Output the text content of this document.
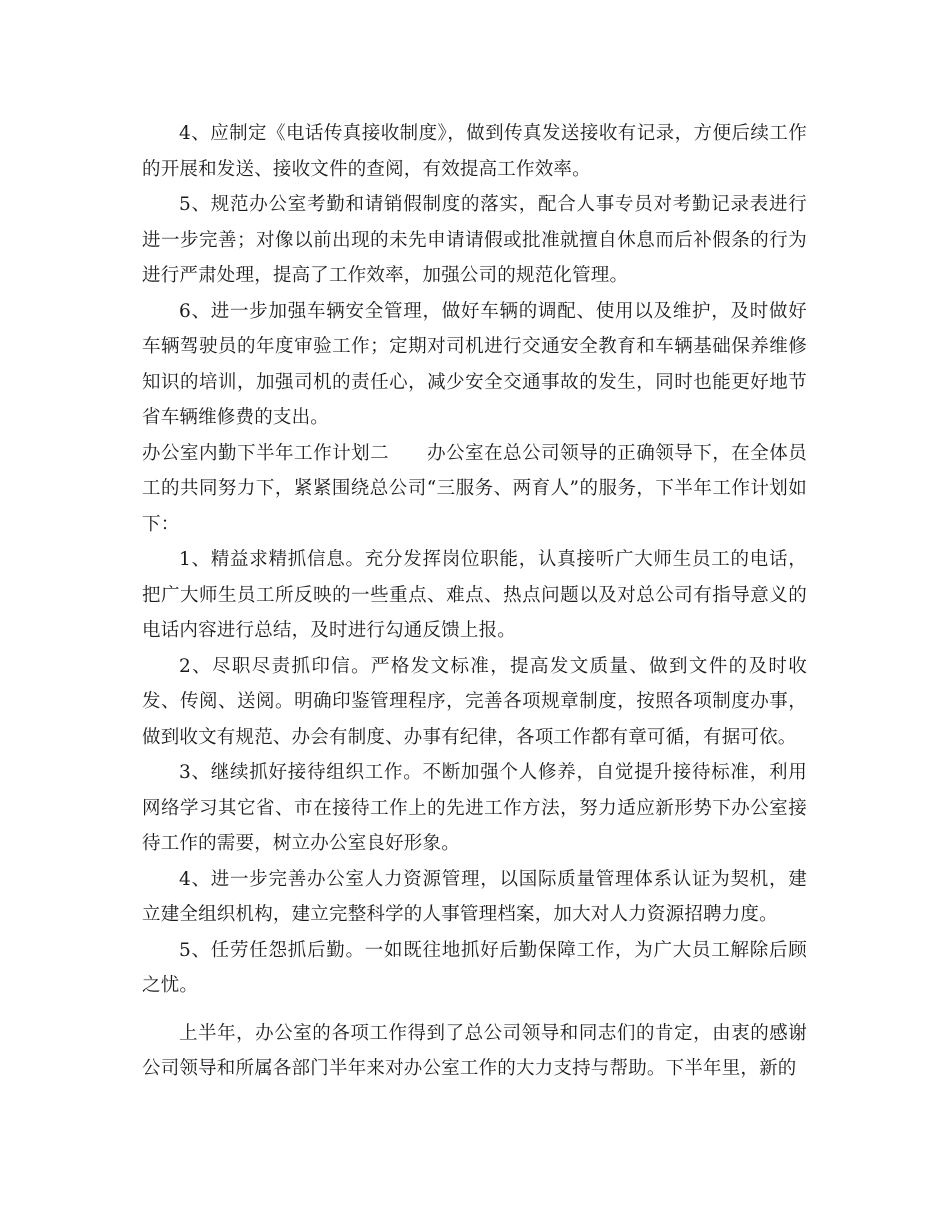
4、应制定《电话传真接收制度》，做到传真发送接收有记录，方便后续工作的开展和发送、接收文件的查阅，有效提高工作效率。

5、规范办公室考勤和请销假制度的落实，配合人事专员对考勤记录表进行进一步完善；对像以前出现的未先申请请假或批准就擅自休息而后补假条的行为进行严肃处理，提高了工作效率，加强公司的规范化管理。

6、进一步加强车辆安全管理，做好车辆的调配、使用以及维护，及时做好车辆驾驶员的年度审验工作；定期对司机进行交通安全教育和车辆基础保养维修知识的培训，加强司机的责任心，减少安全交通事故的发生，同时也能更好地节省车辆维修费的支出。

办公室内勤下半年工作计划二　　办公室在总公司领导的正确领导下，在全体员工的共同努力下，紧紧围绕总公司“三服务、两育人”的服务，下半年工作计划如下：

1、精益求精抓信息。充分发挥岗位职能，认真接听广大师生员工的电话，把广大师生员工所反映的一些重点、难点、热点问题以及对总公司有指导意义的电话内容进行总结，及时进行勾通反馈上报。

2、尽职尽责抓印信。严格发文标准，提高发文质量、做到文件的及时收发、传阅、送阅。明确印鉴管理程序，完善各项规章制度，按照各项制度办事，做到收文有规范、办会有制度、办事有纪律，各项工作都有章可循，有据可依。

3、继续抓好接待组织工作。不断加强个人修养，自觉提升接待标准，利用网络学习其它省、市在接待工作上的先进工作方法，努力适应新形势下办公室接待工作的需要，树立办公室良好形象。

4、进一步完善办公室人力资源管理，以国际质量管理体系认证为契机，建立建全组织机构，建立完整科学的人事管理档案，加大对人力资源招聘力度。

5、任劳任怨抓后勤。一如既往地抓好后勤保障工作，为广大员工解除后顾之忧。

上半年，办公室的各项工作得到了总公司领导和同志们的肯定，由衷的感谢公司领导和所属各部门半年来对办公室工作的大力支持与帮助。下半年里，新的
